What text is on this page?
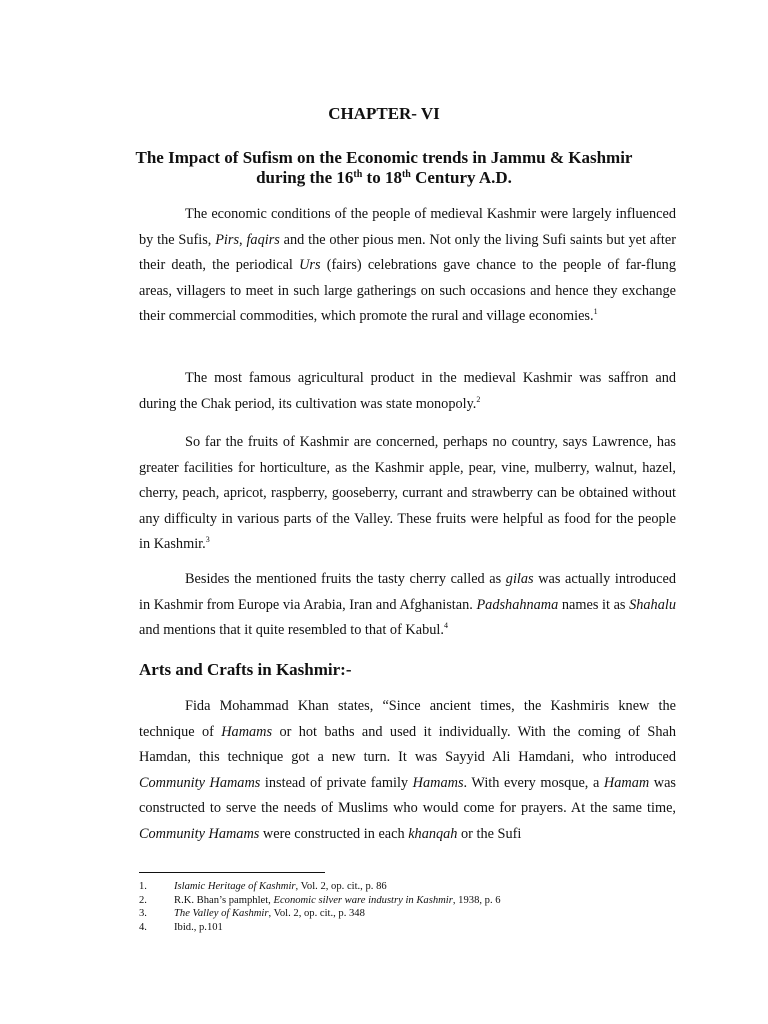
CHAPTER- VI
The Impact of Sufism on the Economic trends in Jammu & Kashmir
during the 16th to 18th Century A.D.

The economic conditions of the people of medieval Kashmir were largely influenced by the Sufis, Pirs, faqirs and the other pious men. Not only the living Sufi saints but yet after their death, the periodical Urs (fairs) celebrations gave chance to the people of far-flung areas, villagers to meet in such large gatherings on such occasions and hence they exchange their commercial commodities, which promote the rural and village economies.$^1$

The most famous agricultural product in the medieval Kashmir was saffron and during the Chak period, its cultivation was state monopoly.$^2$

So far the fruits of Kashmir are concerned, perhaps no country, says Lawrence, has greater facilities for horticulture, as the Kashmir apple, pear, vine, mulberry, walnut, hazel, cherry, peach, apricot, raspberry, gooseberry, currant and strawberry can be obtained without any difficulty in various parts of the Valley. These fruits were helpful as food for the people in Kashmir.$^3$

Besides the mentioned fruits the tasty cherry called as gilas was actually introduced in Kashmir from Europe via Arabia, Iran and Afghanistan. Padshahnama names it as Shahalu and mentions that it quite resembled to that of Kabul.$^4$

Arts and Crafts in Kashmir:-

Fida Mohammad Khan states, “Since ancient times, the Kashmiris knew the technique of Hamams or hot baths and used it individually. With the coming of Shah Hamdan, this technique got a new turn. It was Sayyid Ali Hamdani, who introduced Community Hamams instead of private family Hamams. With every mosque, a Hamam was constructed to serve the needs of Muslims who would come for prayers. At the same time, Community Hamams were constructed in each khanqah or the Sufi

1.	Islamic Heritage of Kashmir, Vol. 2, op. cit., p. 86
2.	R.K. Bhan’s pamphlet, Economic silver ware industry in Kashmir, 1938, p. 6
3.	The Valley of Kashmir, Vol. 2, op. cit., p. 348
4.	Ibid., p.101
